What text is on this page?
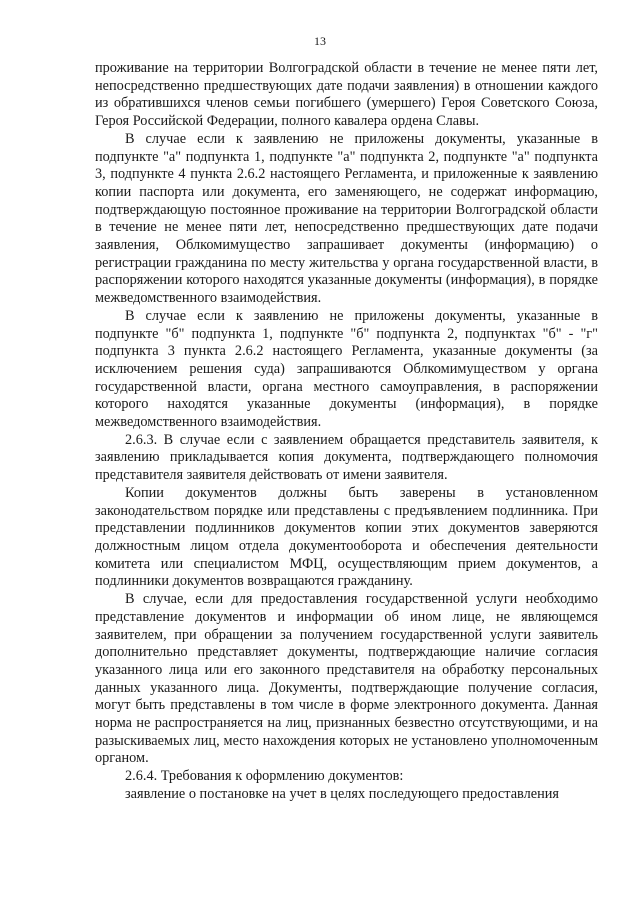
13

проживание на территории Волгоградской области в течение не менее пяти лет, непосредственно предшествующих дате подачи заявления) в отношении каждого из обратившихся членов семьи погибшего (умершего) Героя Советского Союза, Героя Российской Федерации, полного кавалера ордена Славы.

В случае если к заявлению не приложены документы, указанные в подпункте "а" подпункта 1, подпункте "а" подпункта 2, подпункте "а" подпункта 3, подпункте 4 пункта 2.6.2 настоящего Регламента, и приложенные к заявлению копии паспорта или документа, его заменяющего, не содержат информацию, подтверждающую постоянное проживание на территории Волгоградской области в течение не менее пяти лет, непосредственно предшествующих дате подачи заявления, Облкомимущество запрашивает документы (информацию) о регистрации гражданина по месту жительства у органа государственной власти, в распоряжении которого находятся указанные документы (информация), в порядке межведомственного взаимодействия.

В случае если к заявлению не приложены документы, указанные в подпункте "б" подпункта 1, подпункте "б" подпункта 2, подпунктах "б" - "г" подпункта 3 пункта 2.6.2 настоящего Регламента, указанные документы (за исключением решения суда) запрашиваются Облкомимуществом у органа государственной власти, органа местного самоуправления, в распоряжении которого находятся указанные документы (информация), в порядке межведомственного взаимодействия.

2.6.3. В случае если с заявлением обращается представитель заявителя, к заявлению прикладывается копия документа, подтверждающего полномочия представителя заявителя действовать от имени заявителя.

Копии документов должны быть заверены в установленном законодательством порядке или представлены с предъявлением подлинника. При представлении подлинников документов копии этих документов заверяются должностным лицом отдела документооборота и обеспечения деятельности комитета или специалистом МФЦ, осуществляющим прием документов, а подлинники документов возвращаются гражданину.

В случае, если для предоставления государственной услуги необходимо представление документов и информации об ином лице, не являющемся заявителем, при обращении за получением государственной услуги заявитель дополнительно представляет документы, подтверждающие наличие согласия указанного лица или его законного представителя на обработку персональных данных указанного лица. Документы, подтверждающие получение согласия, могут быть представлены в том числе в форме электронного документа. Данная норма не распространяется на лиц, признанных безвестно отсутствующими, и на разыскиваемых лиц, место нахождения которых не установлено уполномоченным органом.

2.6.4. Требования к оформлению документов:

заявление о постановке на учет в целях последующего предоставления
